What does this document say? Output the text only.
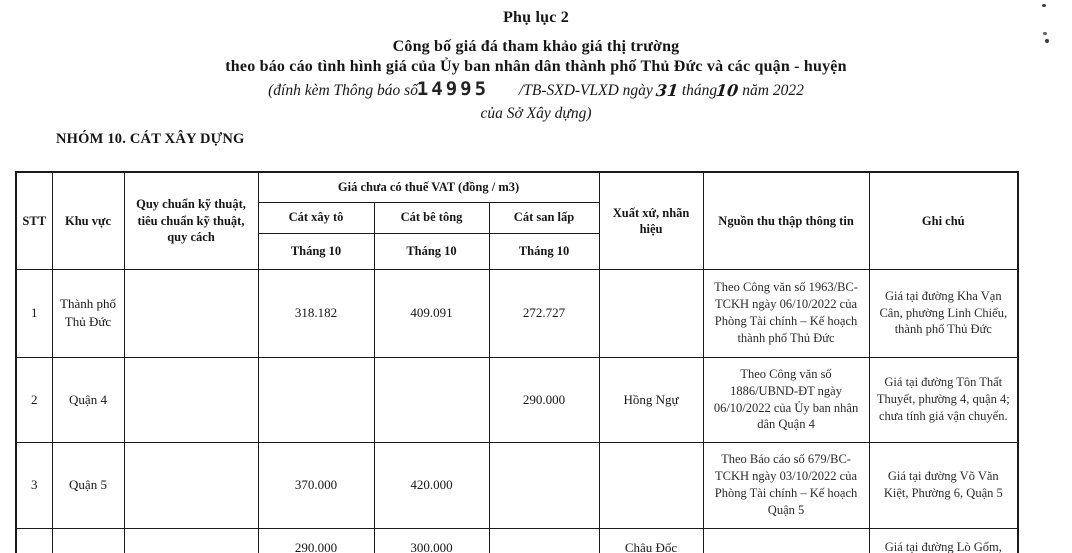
Phụ lục 2
Công bố giá đá tham khảo giá thị trường
theo báo cáo tình hình giá của Ủy ban nhân dân thành phố Thủ Đức và các quận - huyện
(đính kèm Thông báo số 14995 /TB-SXD-VLXD ngày 31 tháng10 năm 2022
của Sở Xây dựng)
NHÓM 10. CÁT XÂY DỰNG
STT	Khu vực	Quy chuẩn kỹ thuật, tiêu chuẩn kỹ thuật, quy cách	Giá chưa có thuế VAT (đồng / m3)			Xuất xứ, nhãn hiệu	Nguồn thu thập thông tin	Ghi chú
			Cát xây tô	Cát bê tông	Cát san lấp			
			Tháng 10	Tháng 10	Tháng 10			
1	Thành phố Thủ Đức		318.182	409.091	272.727		Theo Công văn số 1963/BC-TCKH ngày 06/10/2022 của Phòng Tài chính – Kế hoạch thành phố Thủ Đức	Giá tại đường Kha Vạn Cân, phường Linh Chiểu, thành phố Thủ Đức
2	Quận 4				290.000	Hồng Ngự	Theo Công văn số 1886/UBND-ĐT ngày 06/10/2022 của Ủy ban nhân dân Quận 4	Giá tại đường Tôn Thất Thuyết, phường 4, quận 4; chưa tính giá vận chuyển.
3	Quận 5		370.000	420.000			Theo Báo cáo số 679/BC-TCKH ngày 03/10/2022 của Phòng Tài chính – Kế hoạch Quận 5	Giá tại đường Võ Văn Kiệt, Phường 6, Quận 5
			290.000	300.000		Châu Đốc		Giá tại đường Lò Gốm,
